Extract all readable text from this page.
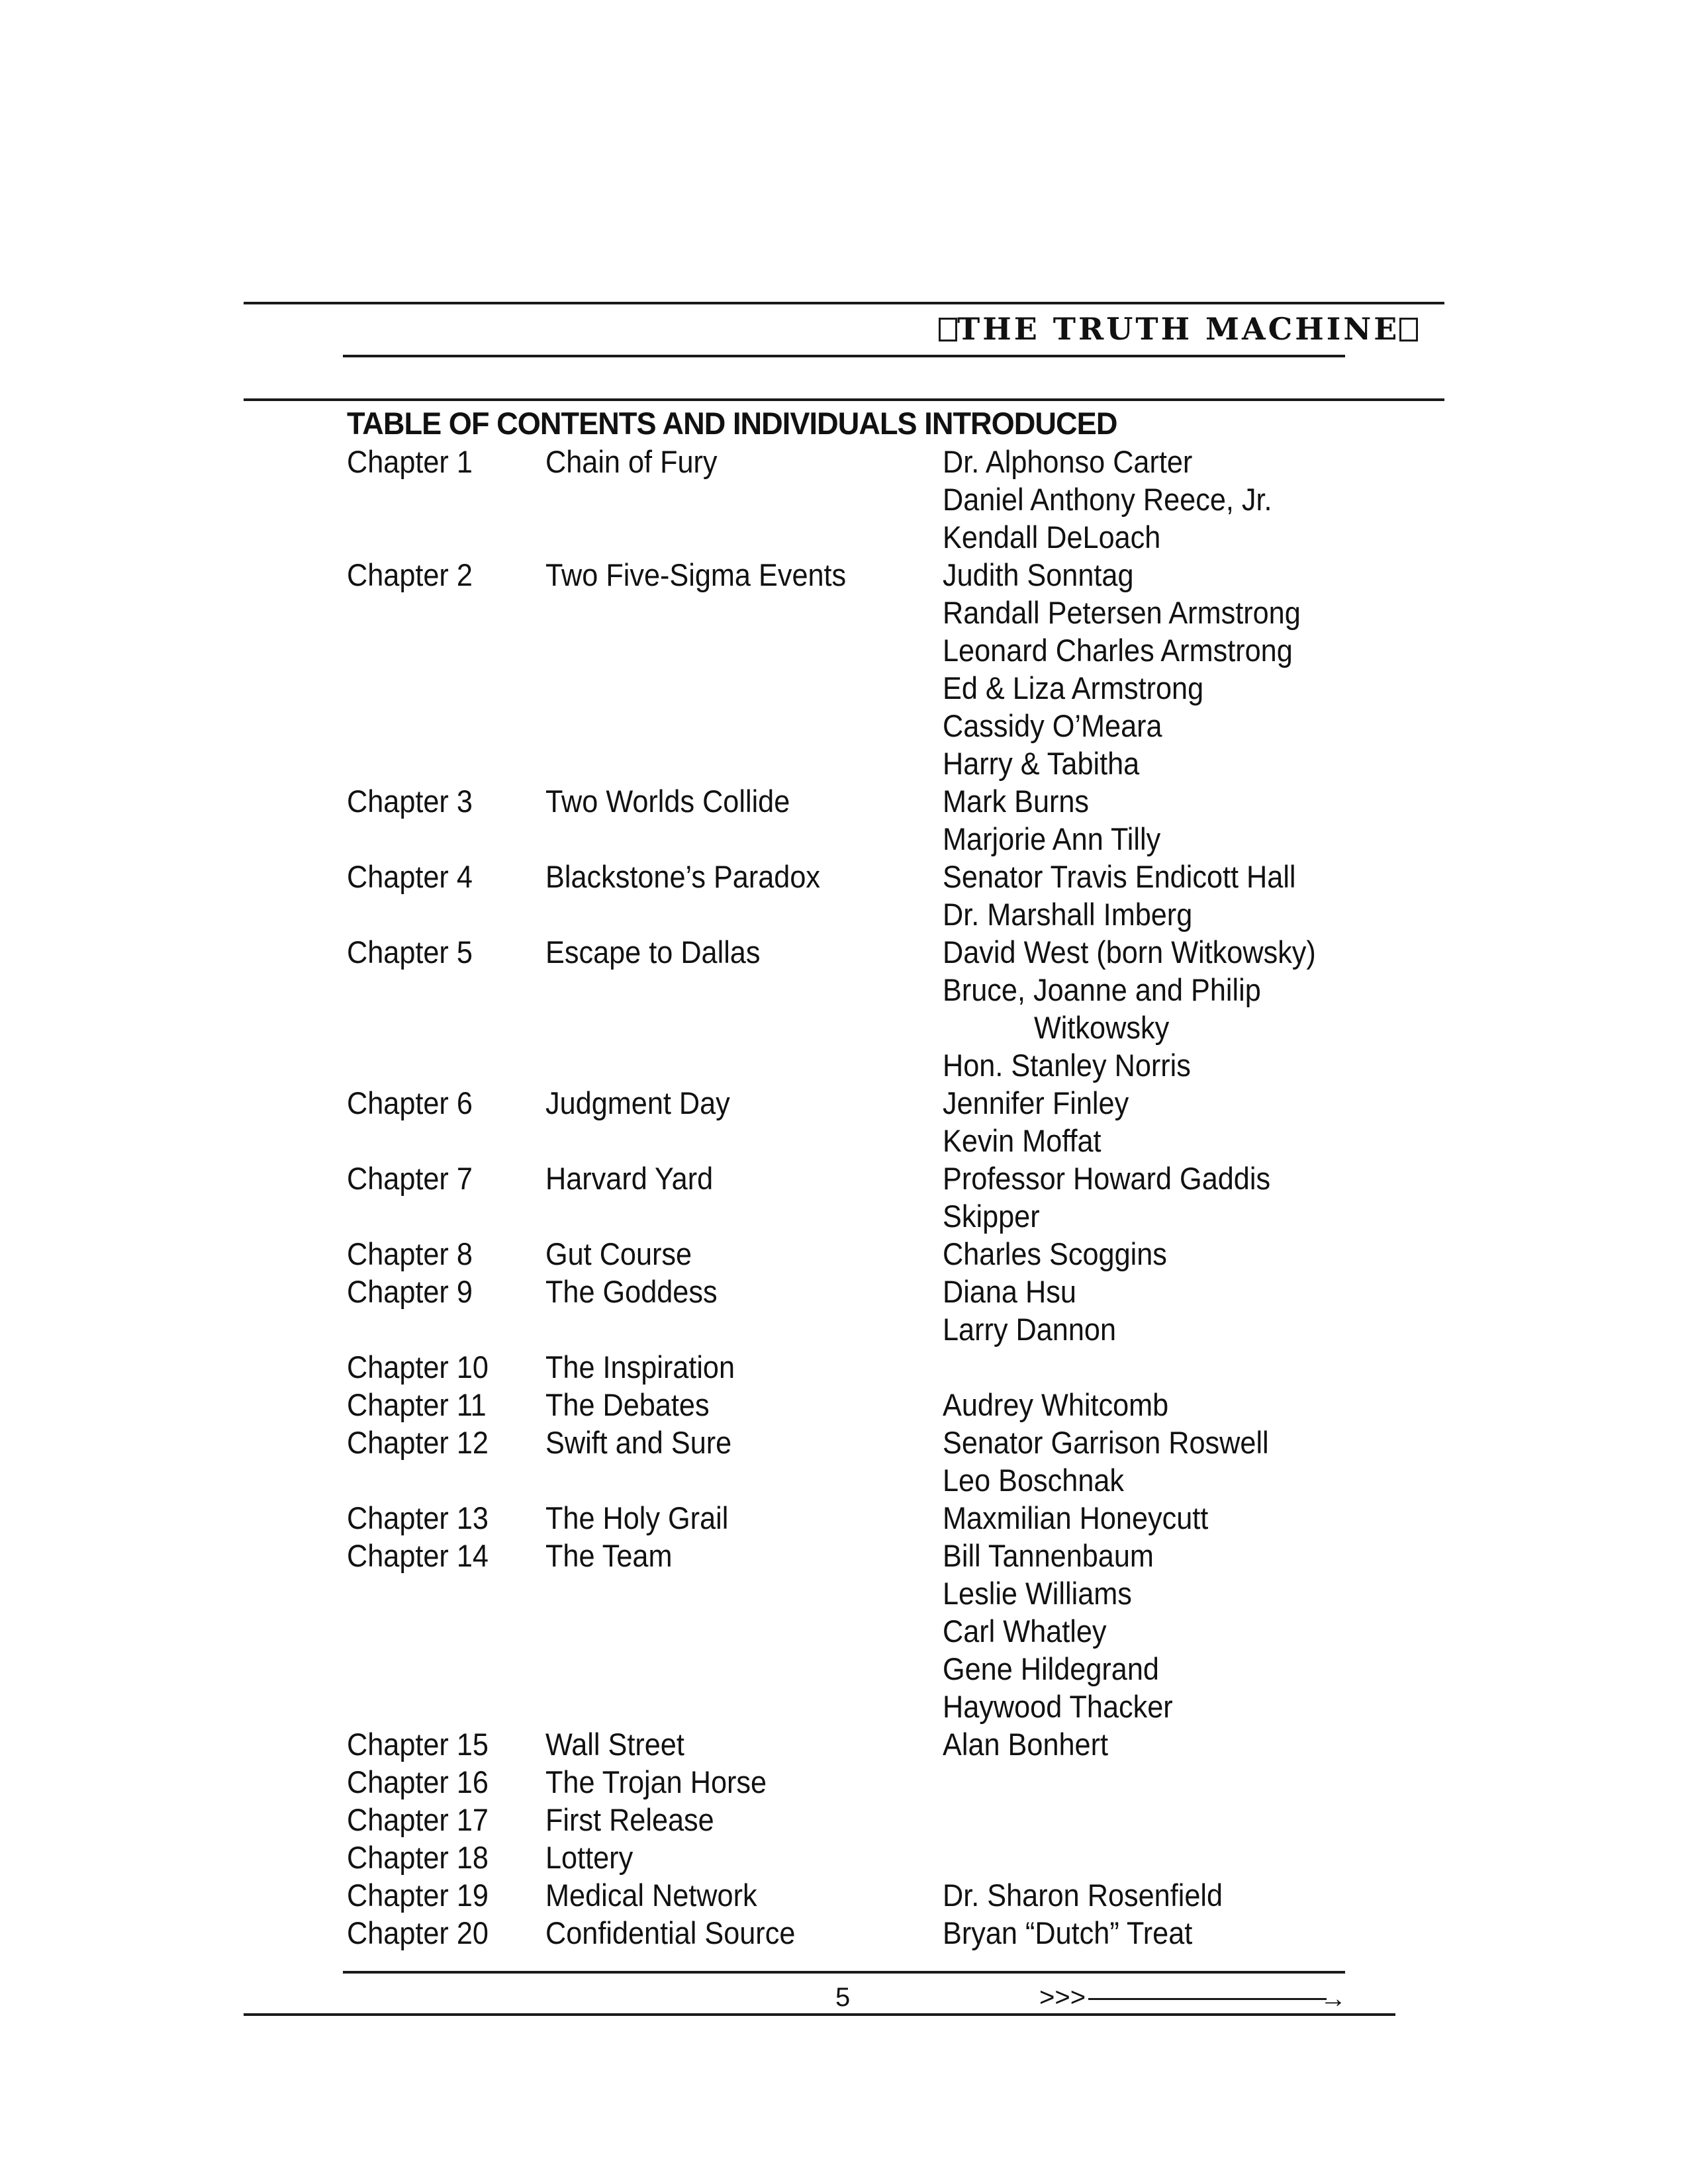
THE TRUTH MACHINE
TABLE OF CONTENTS AND INDIVIDUALS INTRODUCED
Chapter 1 Chain of Fury	Dr. Alphonso Carter
Daniel Anthony Reece, Jr.
Kendall DeLoach
Chapter 2 Two Five-Sigma Events	Judith Sonntag
Randall Petersen Armstrong
Leonard Charles Armstrong
Ed & Liza Armstrong
Cassidy O’Meara
Harry & Tabitha
Chapter 3 Two Worlds Collide	Mark Burns
Marjorie Ann Tilly
Chapter 4 Blackstone’s Paradox	Senator Travis Endicott Hall
Dr. Marshall Imberg
Chapter 5 Escape to Dallas	David West (born Witkowsky)
Bruce, Joanne and Philip
Witkowsky
Hon. Stanley Norris
Chapter 6 Judgment Day	Jennifer Finley
Kevin Moffat
Chapter 7 Harvard Yard	Professor Howard Gaddis
Skipper
Chapter 8 Gut Course	Charles Scoggins
Chapter 9 The Goddess	Diana Hsu
Larry Dannon
Chapter 10 The Inspiration
Chapter 11 The Debates	Audrey Whitcomb
Chapter 12 Swift and Sure	Senator Garrison Roswell
Leo Boschnak
Chapter 13 The Holy Grail	Maxmilian Honeycutt
Chapter 14 The Team	Bill Tannenbaum
Leslie Williams
Carl Whatley
Gene Hildegrand
Haywood Thacker
Chapter 15 Wall Street	Alan Bonhert
Chapter 16 The Trojan Horse
Chapter 17 First Release
Chapter 18 Lottery
Chapter 19 Medical Network	Dr. Sharon Rosenfield
Chapter 20 Confidential Source	Bryan “Dutch” Treat
5	>>>	→
